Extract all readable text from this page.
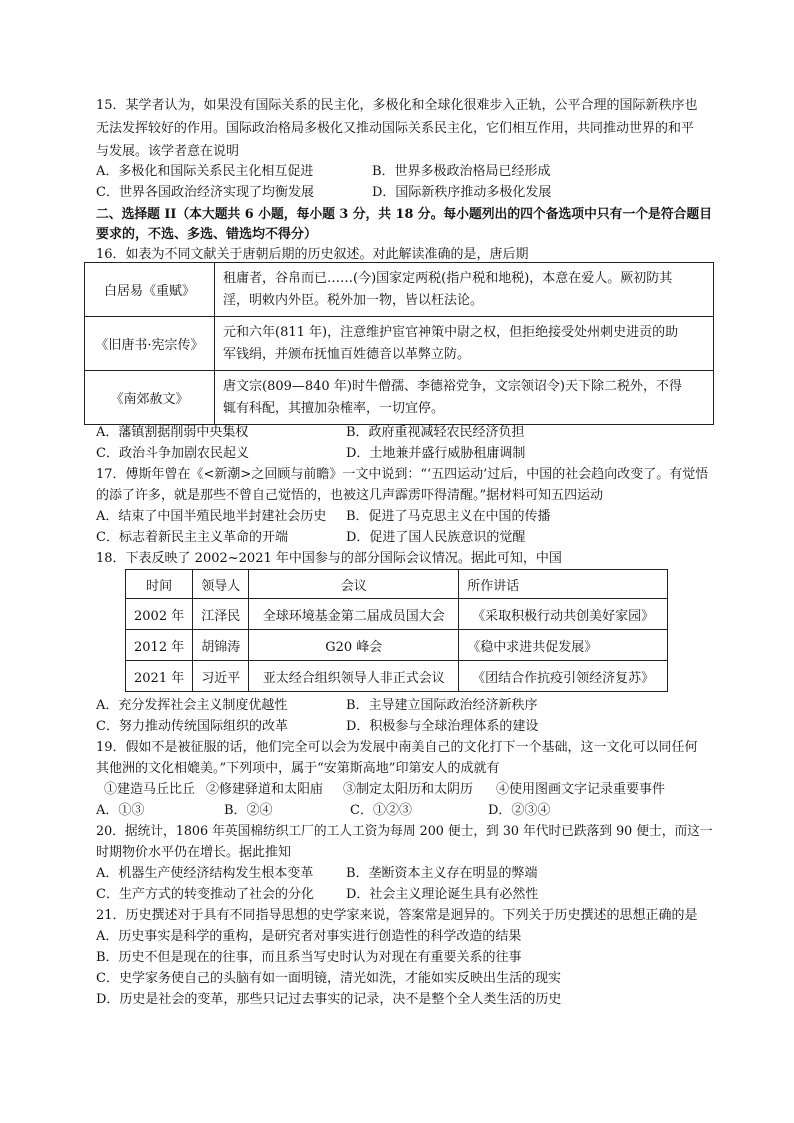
15．某学者认为，如果没有国际关系的民主化，多极化和全球化很难步入正轨，公平合理的国际新秩序也
无法发挥较好的作用。国际政治格局多极化又推动国际关系民主化，它们相互作用，共同推动世界的和平
与发展。该学者意在说明
A．多极化和国际关系民主化相互促进	B．世界多极政治格局已经形成
C．世界各国政治经济实现了均衡发展	D．国际新秩序推动多极化发展
二、选择题 II（本大题共 6 小题，每小题 3 分，共 18 分。每小题列出的四个备选项中只有一个是符合题目
要求的，不选、多选、错选均不得分）
16．如表为不同文献关于唐朝后期的历史叙述。对此解读准确的是，唐后期
白居易《重赋》	租庸者，谷帛而已……(今)国家定两税(指户税和地税)，本意在爱人。厥初防其
淫，明敕内外臣。税外加一物，皆以枉法论。

《旧唐书·宪宗传》	元和六年(811 年)，注意维护宦官神策中尉之权，但拒绝接受处州刺史进贡的助
军钱绢，并颁布抚恤百姓德音以革弊立防。

《南郊赦文》	唐文宗(809—840 年)时牛僧孺、李德裕党争，文宗领诏令)天下除二税外，不得
辄有科配，其擅加杂榷率，一切宜停。
A．藩镇割据削弱中央集权	B．政府重视减轻农民经济负担
C．政治斗争加剧农民起义	D．土地兼并盛行威胁租庸调制
17．傅斯年曾在《<新潮>之回顾与前瞻》一文中说到：“‘五四运动’过后，中国的社会趋向改变了。有觉悟
的添了许多，就是那些不曾自己觉悟的，也被这几声霹雳吓得清醒。”据材料可知五四运动
A．结束了中国半殖民地半封建社会历史 B．促进了马克思主义在中国的传播
C．标志着新民主主义革命的开端	D．促进了国人民族意识的觉醒
18．下表反映了 2002~2021 年中国参与的部分国际会议情况。据此可知，中国
时间	领导人	会议	所作讲话
2002 年	江泽民	全球环境基金第二届成员国大会	《采取积极行动共创美好家园》
2012 年	胡锦涛	G20 峰会	《稳中求进共促发展》
2021 年	习近平	亚太经合组织领导人非正式会议	《团结合作抗疫引领经济复苏》
A．充分发挥社会主义制度优越性	B．主导建立国际政治经济新秩序
C．努力推动传统国际组织的改革	D．积极参与全球治理体系的建设
19．假如不是被征服的话，他们完全可以会为发展中南美自己的文化打下一个基础，这一文化可以同任何
其他洲的文化相媲美。”下列项中，属于“安第斯高地”印第安人的成就有
①建造马丘比丘 ②修建驿道和太阳庙 ③制定太阳历和太阴历 ④使用图画文字记录重要事件
A．①③	B．②④	C．①②③	D．②③④
20．据统计，1806 年英国棉纺织工厂的工人工资为每周 200 便士，到 30 年代时已跌落到 90 便士，而这一
时期物价水平仍在增长。据此推知
A．机器生产使经济结构发生根本变革	B．垄断资本主义存在明显的弊端
C．生产方式的转变推动了社会的分化 D．社会主义理论诞生具有必然性
21．历史撰述对于具有不同指导思想的史学家来说，答案常是迥异的。下列关于历史撰述的思想正确的是
A．历史事实是科学的重构，是研究者对事实进行创造性的科学改造的结果
B．历史不但是现在的往事，而且系当写史时认为对现在有重要关系的往事
C．史学家务使自己的头脑有如一面明镜，清光如洗，才能如实反映出生活的现实
D．历史是社会的变革，那些只记过去事实的记录，决不是整个全人类生活的历史
